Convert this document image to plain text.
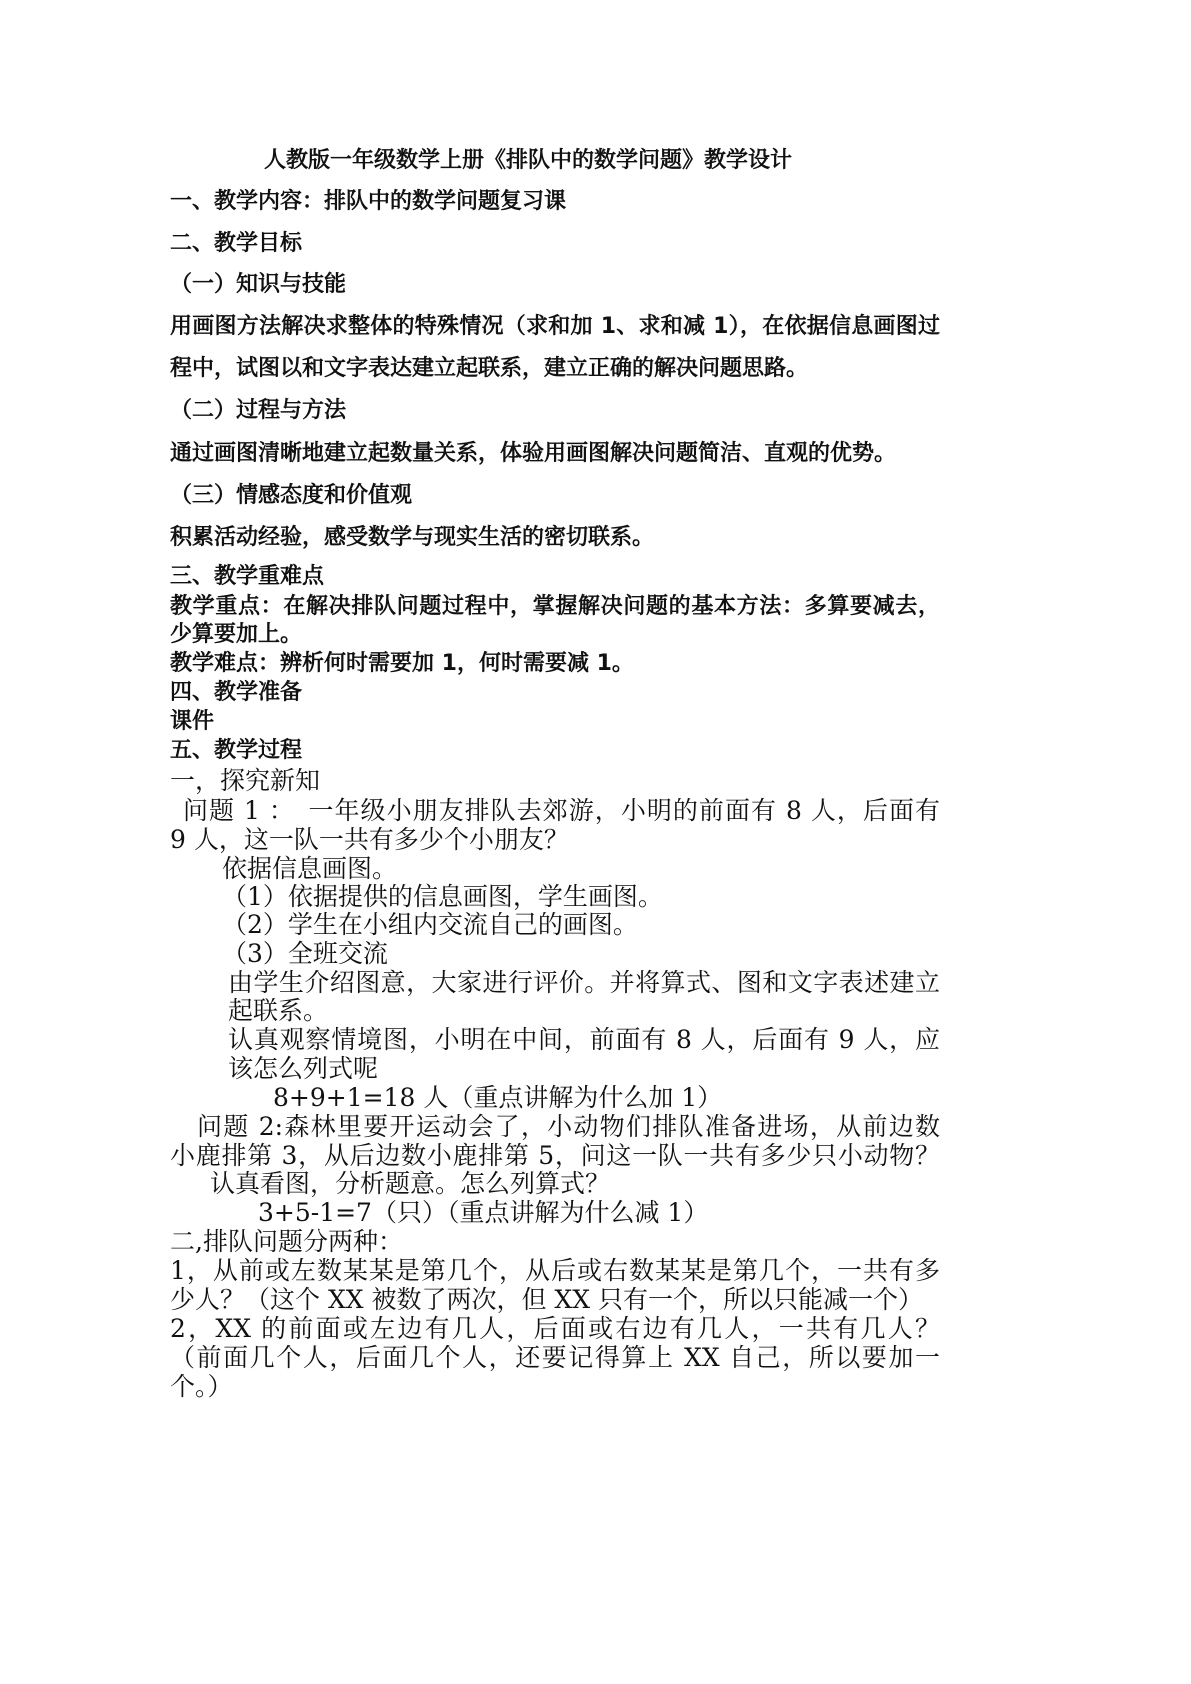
人教版一年级数学上册《排队中的数学问题》教学设计
一、教学内容：排队中的数学问题复习课
二、教学目标
（一）知识与技能
用画图方法解决求整体的特殊情况（求和加 1、求和减 1），在依据信息画图过
程中，试图以和文字表达建立起联系，建立正确的解决问题思路。
（二）过程与方法
通过画图清晰地建立起数量关系，体验用画图解决问题简洁、直观的优势。
（三）情感态度和价值观
积累活动经验，感受数学与现实生活的密切联系。
三、教学重难点
教学重点：在解决排队问题过程中，掌握解决问题的基本方法：多算要减去，
少算要加上。
教学难点：辨析何时需要加 1，何时需要减 1。
四、教学准备
课件
五、教学过程
一，探究新知
问题 1 ：　一年级小朋友排队去郊游，小明的前面有 8 人，后面有
9 人，这一队一共有多少个小朋友？
依据信息画图。
（1）依据提供的信息画图，学生画图。
（2）学生在小组内交流自己的画图。
（3）全班交流
由学生介绍图意，大家进行评价。并将算式、图和文字表述建立
起联系。
认真观察情境图，小明在中间，前面有 8 人，后面有 9 人，应
该怎么列式呢
8+9+1=18 人（重点讲解为什么加 1）
问题 2:森林里要开运动会了，小动物们排队准备进场，从前边数
小鹿排第 3，从后边数小鹿排第 5，问这一队一共有多少只小动物？
认真看图，分析题意。怎么列算式？
3+5-1=7（只）（重点讲解为什么减 1）
二,排队问题分两种：
1，从前或左数某某是第几个，从后或右数某某是第几个，一共有多
少人？（这个 XX 被数了两次，但 XX 只有一个，所以只能减一个）
2，XX 的前面或左边有几人，后面或右边有几人，一共有几人？
（前面几个人，后面几个人，还要记得算上 XX 自己，所以要加一
个。）
